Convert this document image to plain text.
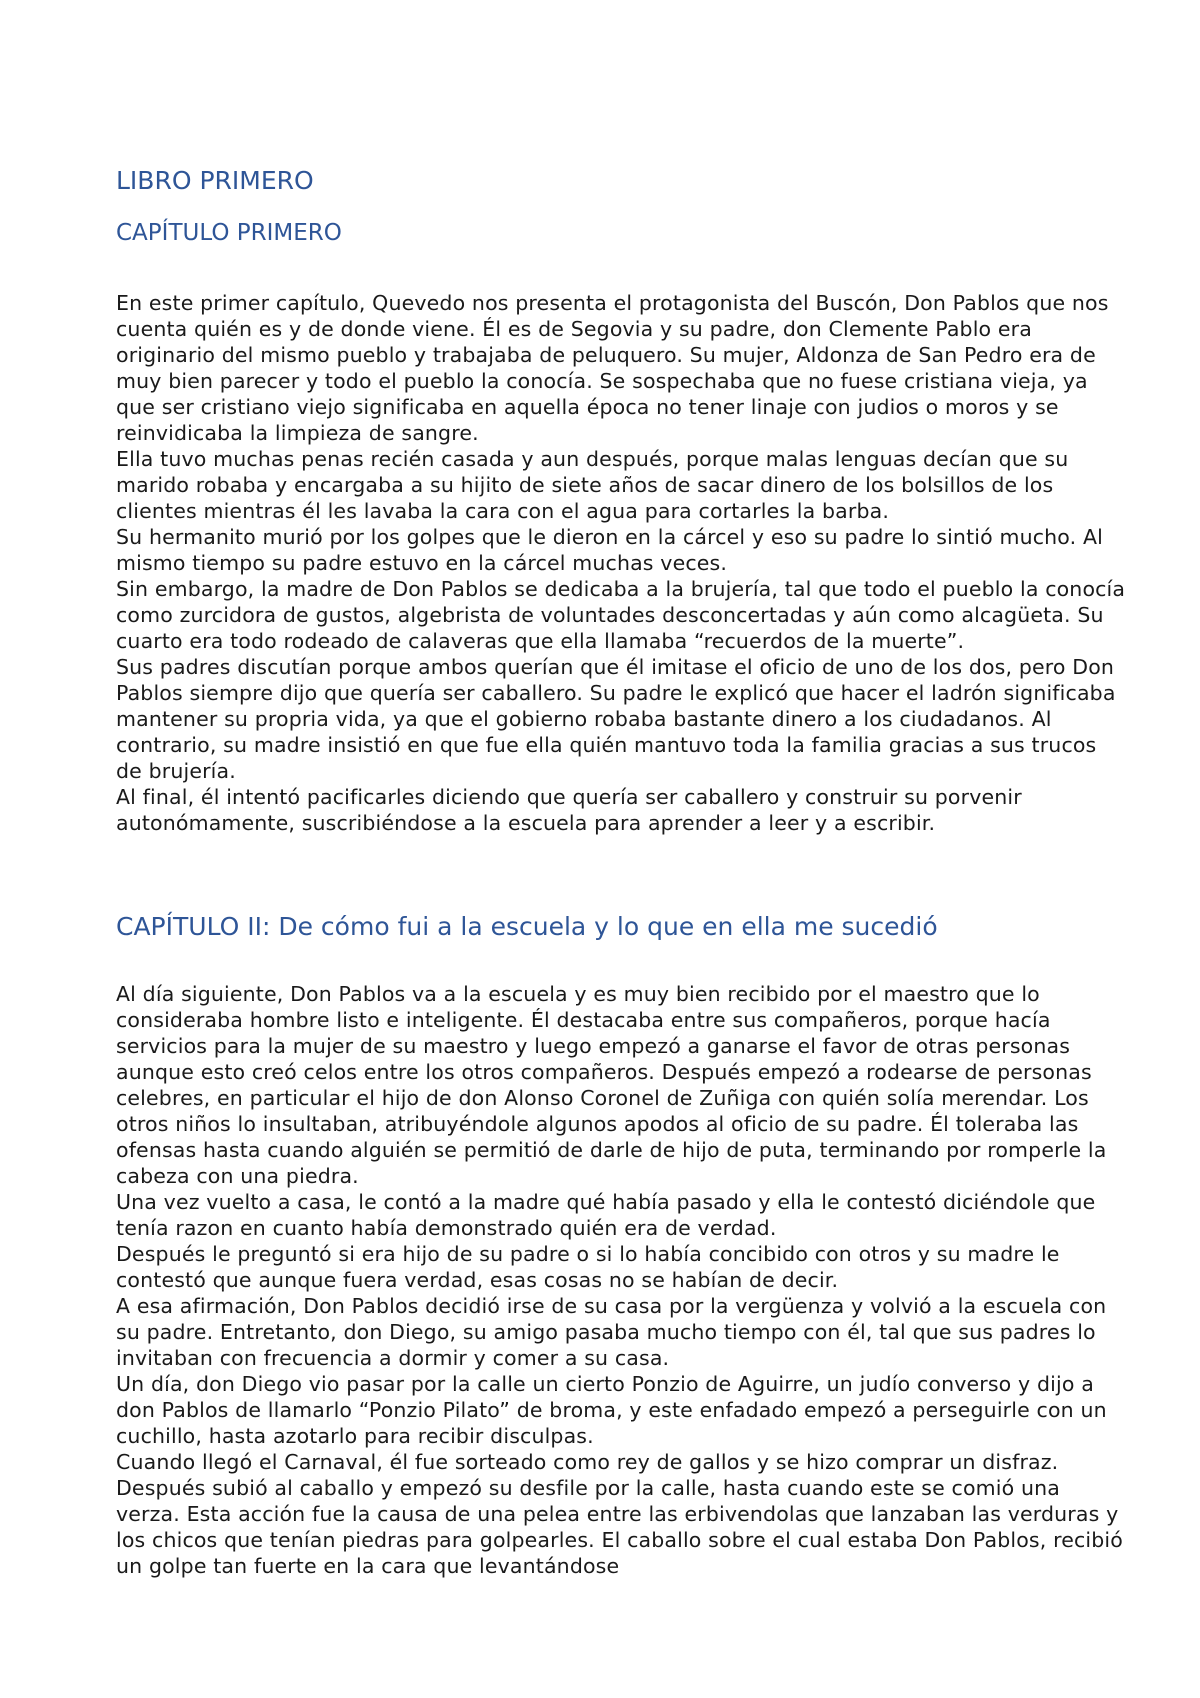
LIBRO PRIMERO
CAPÍTULO PRIMERO

En este primer capítulo, Quevedo nos presenta el protagonista del Buscón, Don Pablos que nos cuenta quién es y de donde viene. Él es de Segovia y su padre, don Clemente Pablo era originario del mismo pueblo y trabajaba de peluquero. Su mujer, Aldonza de San Pedro era de muy bien parecer y todo el pueblo la conocía. Se sospechaba que no fuese cristiana vieja, ya que ser cristiano viejo significaba en aquella época no tener linaje con judios o moros y se reinvidicaba la limpieza de sangre.

Ella tuvo muchas penas recién casada y aun después, porque malas lenguas decían que su marido robaba y encargaba a su hijito de siete años de sacar dinero de los bolsillos de los clientes mientras él les lavaba la cara con el agua para cortarles la barba.

Su hermanito murió por los golpes que le dieron en la cárcel y eso su padre lo sintió mucho. Al mismo tiempo su padre estuvo en la cárcel muchas veces.

Sin embargo, la madre de Don Pablos se dedicaba a la brujería, tal que todo el pueblo la conocía como zurcidora de gustos, algebrista de voluntades desconcertadas y aún como alcagüeta. Su cuarto era todo rodeado de calaveras que ella llamaba “recuerdos de la muerte”.

Sus padres discutían porque ambos querían que él imitase el oficio de uno de los dos, pero Don Pablos siempre dijo que quería ser caballero. Su padre le explicó que hacer el ladrón significaba mantener su propria vida, ya que el gobierno robaba bastante dinero a los ciudadanos. Al contrario, su madre insistió en que fue ella quién mantuvo toda la familia gracias a sus trucos de brujería.

Al final, él intentó pacificarles diciendo que quería ser caballero y construir su porvenir autonómamente, suscribiéndose a la escuela para aprender a leer y a escribir.

CAPÍTULO II: De cómo fui a la escuela y lo que en ella me sucedió

Al día siguiente, Don Pablos va a la escuela y es muy bien recibido por el maestro que lo consideraba hombre listo e inteligente. Él destacaba entre sus compañeros, porque hacía servicios para la mujer de su maestro y luego empezó a ganarse el favor de otras personas aunque esto creó celos entre los otros compañeros. Después empezó a rodearse de personas celebres, en particular el hijo de don Alonso Coronel de Zuñiga con quién solía merendar. Los otros niños lo insultaban, atribuyéndole algunos apodos al oficio de su padre. Él toleraba las ofensas hasta cuando alguién se permitió de darle de hijo de puta, terminando por romperle la cabeza con una piedra.

Una vez vuelto a casa, le contó a la madre qué había pasado y ella le contestó diciéndole que tenía razon en cuanto había demonstrado quién era de verdad.

Después le preguntó si era hijo de su padre o si lo había concibido con otros y su madre le contestó que aunque fuera verdad, esas cosas no se habían de decir.

A esa afirmación, Don Pablos decidió irse de su casa por la vergüenza y volvió a la escuela con su padre. Entretanto, don Diego, su amigo pasaba mucho tiempo con él, tal que sus padres lo invitaban con frecuencia a dormir y comer a su casa.

Un día, don Diego vio pasar por la calle un cierto Ponzio de Aguirre, un judío converso y dijo a don Pablos de llamarlo “Ponzio Pilato” de broma, y este enfadado empezó a perseguirle con un cuchillo, hasta azotarlo para recibir disculpas.

Cuando llegó el Carnaval, él fue sorteado como rey de gallos y se hizo comprar un disfraz. Después subió al caballo y empezó su desfile por la calle, hasta cuando este se comió una verza. Esta acción fue la causa de una pelea entre las erbivendolas que lanzaban las verduras y los chicos que tenían piedras para golpearles. El caballo sobre el cual estaba Don Pablos, recibió un golpe tan fuerte en la cara que levantándose
